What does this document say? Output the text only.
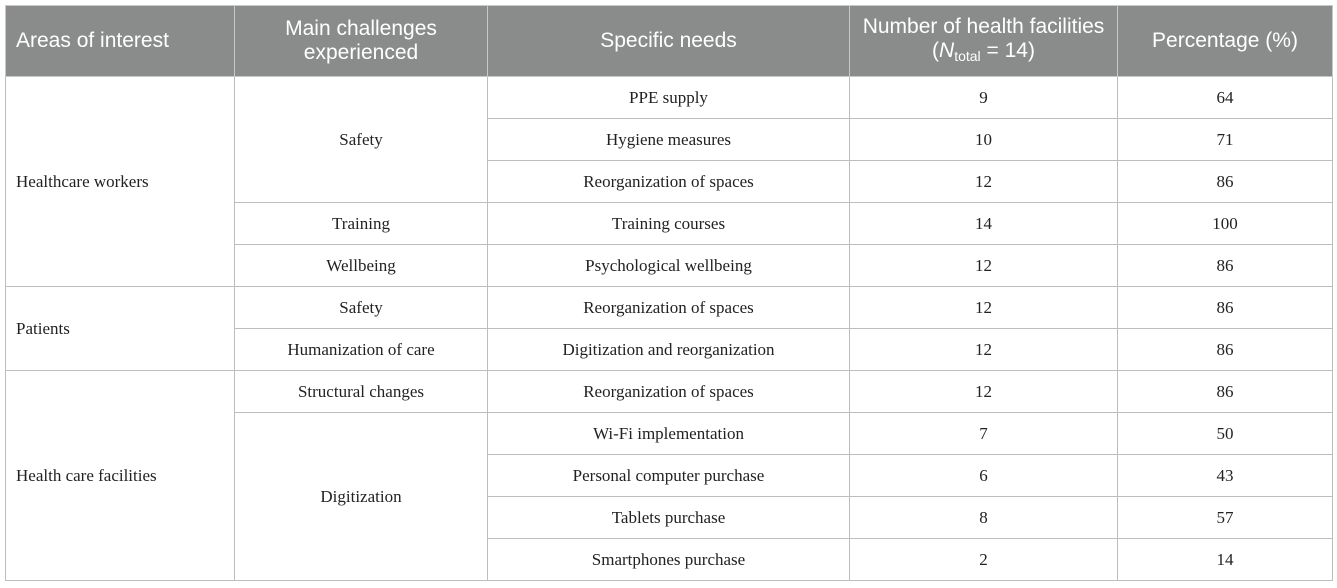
Areas of interest	Main challenges experienced	Specific needs	Number of health facilities $(N_{total} = 14)$	Percentage (%)
Healthcare workers	Safety	PPE supply	9	64
		Hygiene measures	10	71
		Reorganization of spaces	12	86
	Training	Training courses	14	100
	Wellbeing	Psychological wellbeing	12	86
Patients	Safety	Reorganization of spaces	12	86
	Humanization of care	Digitization and reorganization	12	86
Health care facilities	Structural changes	Reorganization of spaces	12	86
	Digitization	Wi-Fi implementation	7	50
		Personal computer purchase	6	43
		Tablets purchase	8	57
		Smartphones purchase	2	14
